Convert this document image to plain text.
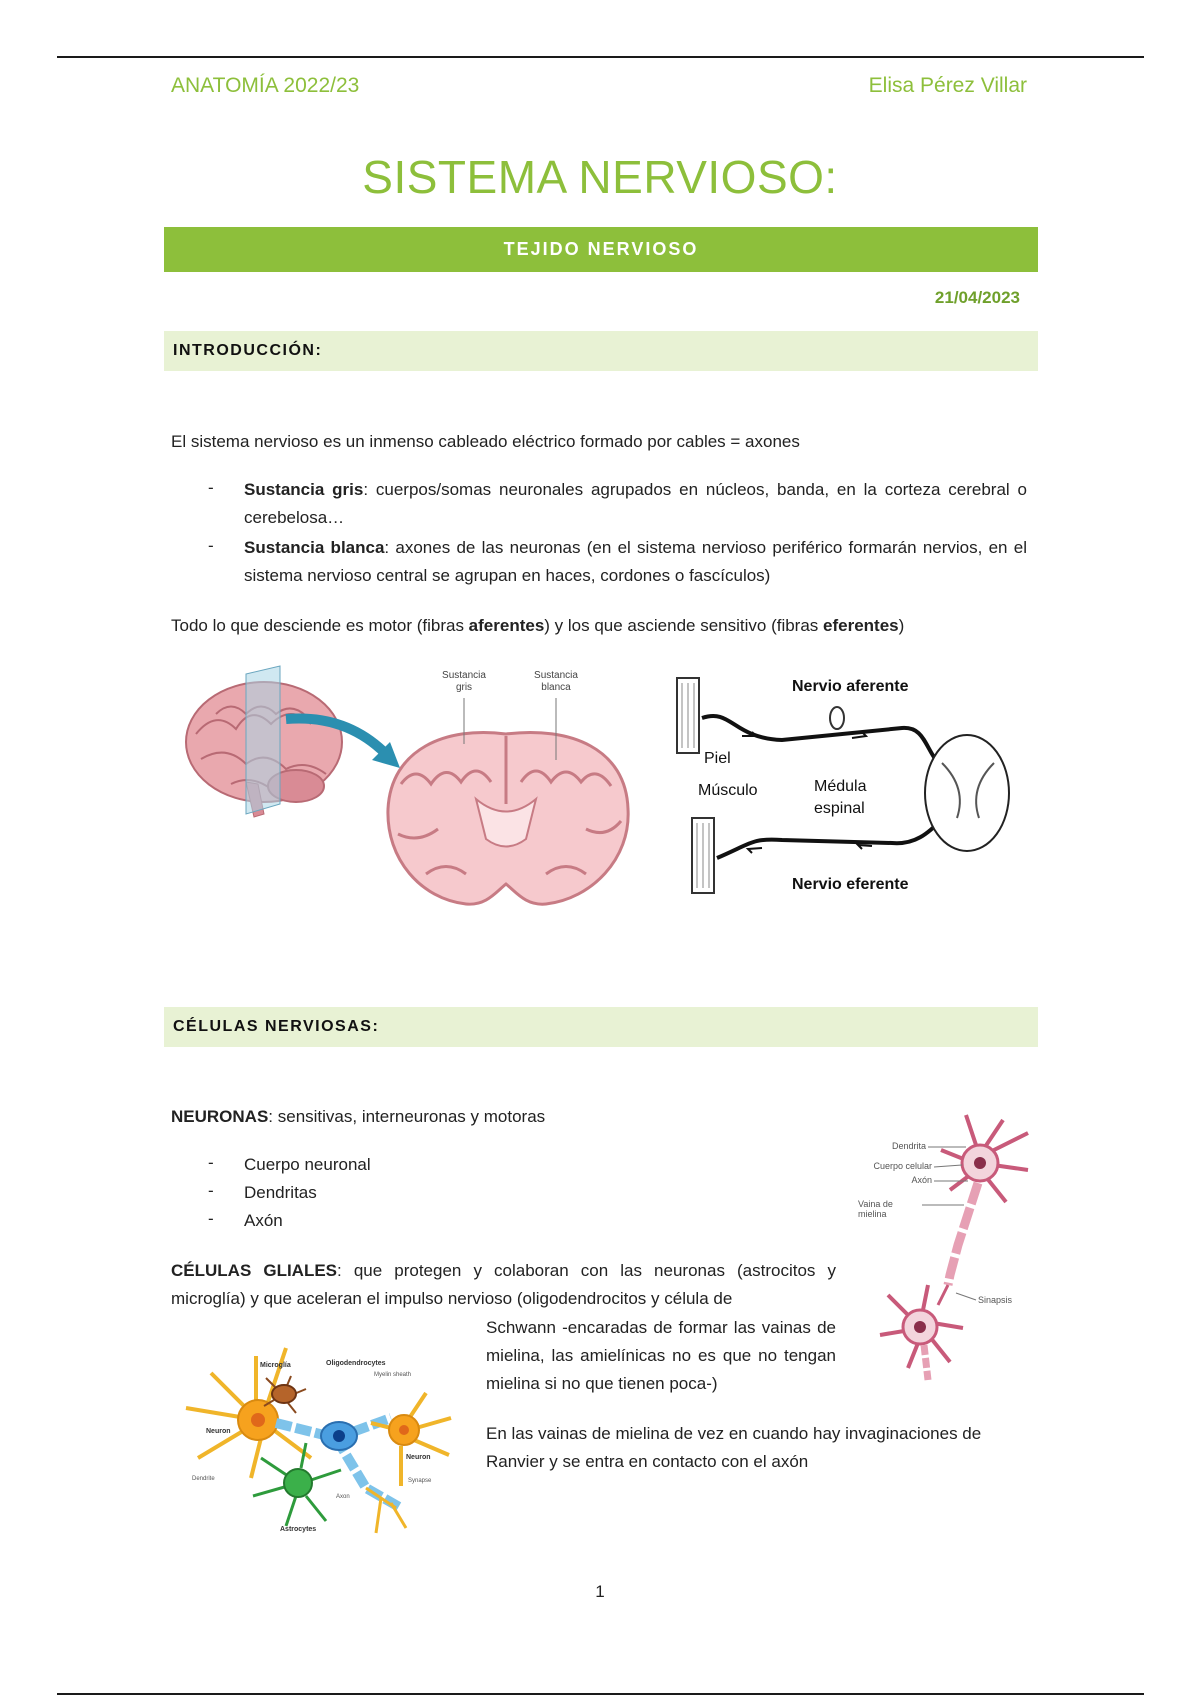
ANATOMÍA 2022/23	Elisa Pérez Villar
SISTEMA NERVIOSO:
TEJIDO NERVIOSO
21/04/2023
INTRODUCCIÓN:
El sistema nervioso es un inmenso cableado eléctrico formado por cables = axones
- Sustancia gris: cuerpos/somas neuronales agrupados en núcleos, banda, en la corteza cerebral o cerebelosa…
- Sustancia blanca: axones de las neuronas (en el sistema nervioso periférico formarán nervios, en el sistema nervioso central se agrupan en haces, cordones o fascículos)
Todo lo que desciende es motor (fibras aferentes) y los que asciende sensitivo (fibras eferentes)
Sustancia
gris
Sustancia
blanca	Nervio aferente
Piel
Músculo	Médula espinal
Nervio eferente
CÉLULAS NERVIOSAS:
NEURONAS: sensitivas, interneuronas y motoras
- Cuerpo neuronal
- Dendritas
- Axón
CÉLULAS GLIALES: que protegen y colaboran con las neuronas (astrocitos y microglía) y que aceleran el impulso nervioso (oligodendrocitos y célula de
Schwann -encaradas de formar las vainas de mielina, las amielínicas no es que no tengan mielina si no que tienen poca-)
En las vainas de mielina de vez en cuando hay invaginaciones de Ranvier y se entra en contacto con el axón
Dendrita
Cuerpo celular
Axón
Vaina de mielina
Sinapsis
Microglía	Oligodendrocytes
Myelin sheath
Neuron
Neuron
Dendrite
Axon
Synapse
Astrocytes
1
